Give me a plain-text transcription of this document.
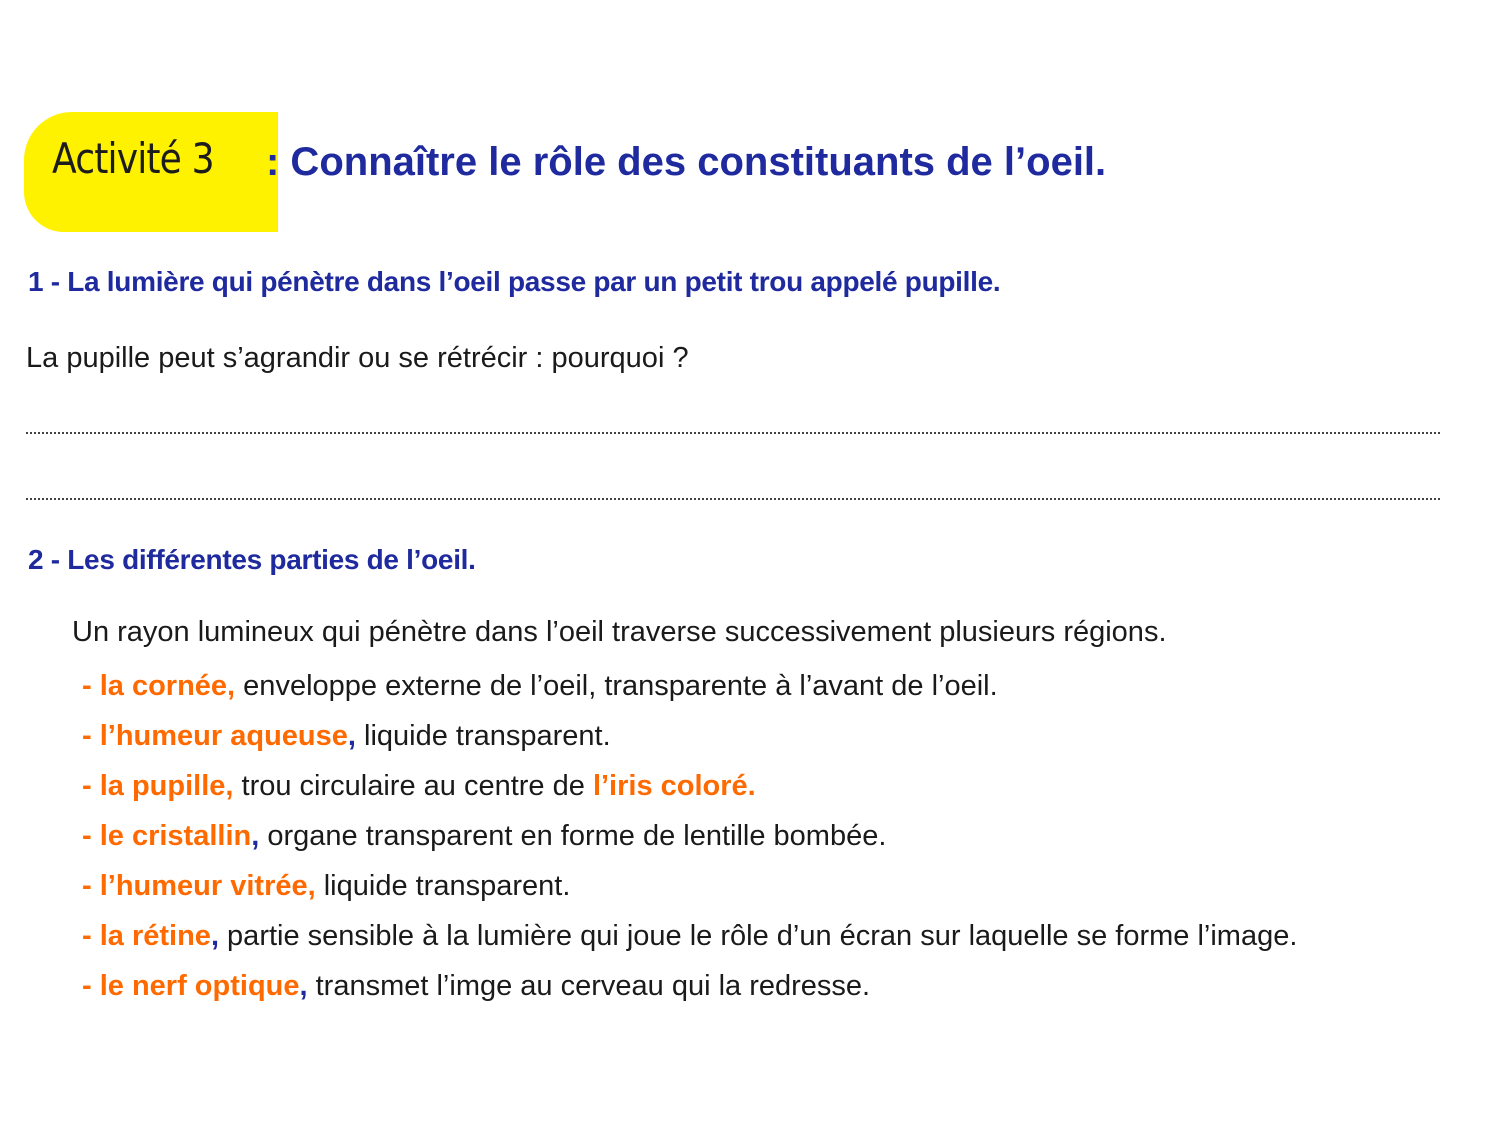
Activité 3 : Connaître le rôle des constituants de l’oeil.
1 - La lumière qui pénètre dans l’oeil passe par un petit trou appelé pupille.
La pupille peut s’agrandir ou se rétrécir : pourquoi ?
2 - Les différentes parties de l’oeil.
Un rayon lumineux qui pénètre dans l’oeil traverse successivement plusieurs régions.
- la cornée, enveloppe externe de l’oeil, transparente à l’avant de l’oeil.
- l’humeur aqueuse, liquide transparent.
- la pupille, trou circulaire au centre de l’iris coloré.
- le cristallin, organe transparent en forme de lentille bombée.
- l’humeur vitrée, liquide transparent.
- la rétine, partie sensible à la lumière qui joue le rôle d’un écran sur laquelle se forme l’image.
- le nerf optique, transmet l’imge au cerveau qui la redresse.
